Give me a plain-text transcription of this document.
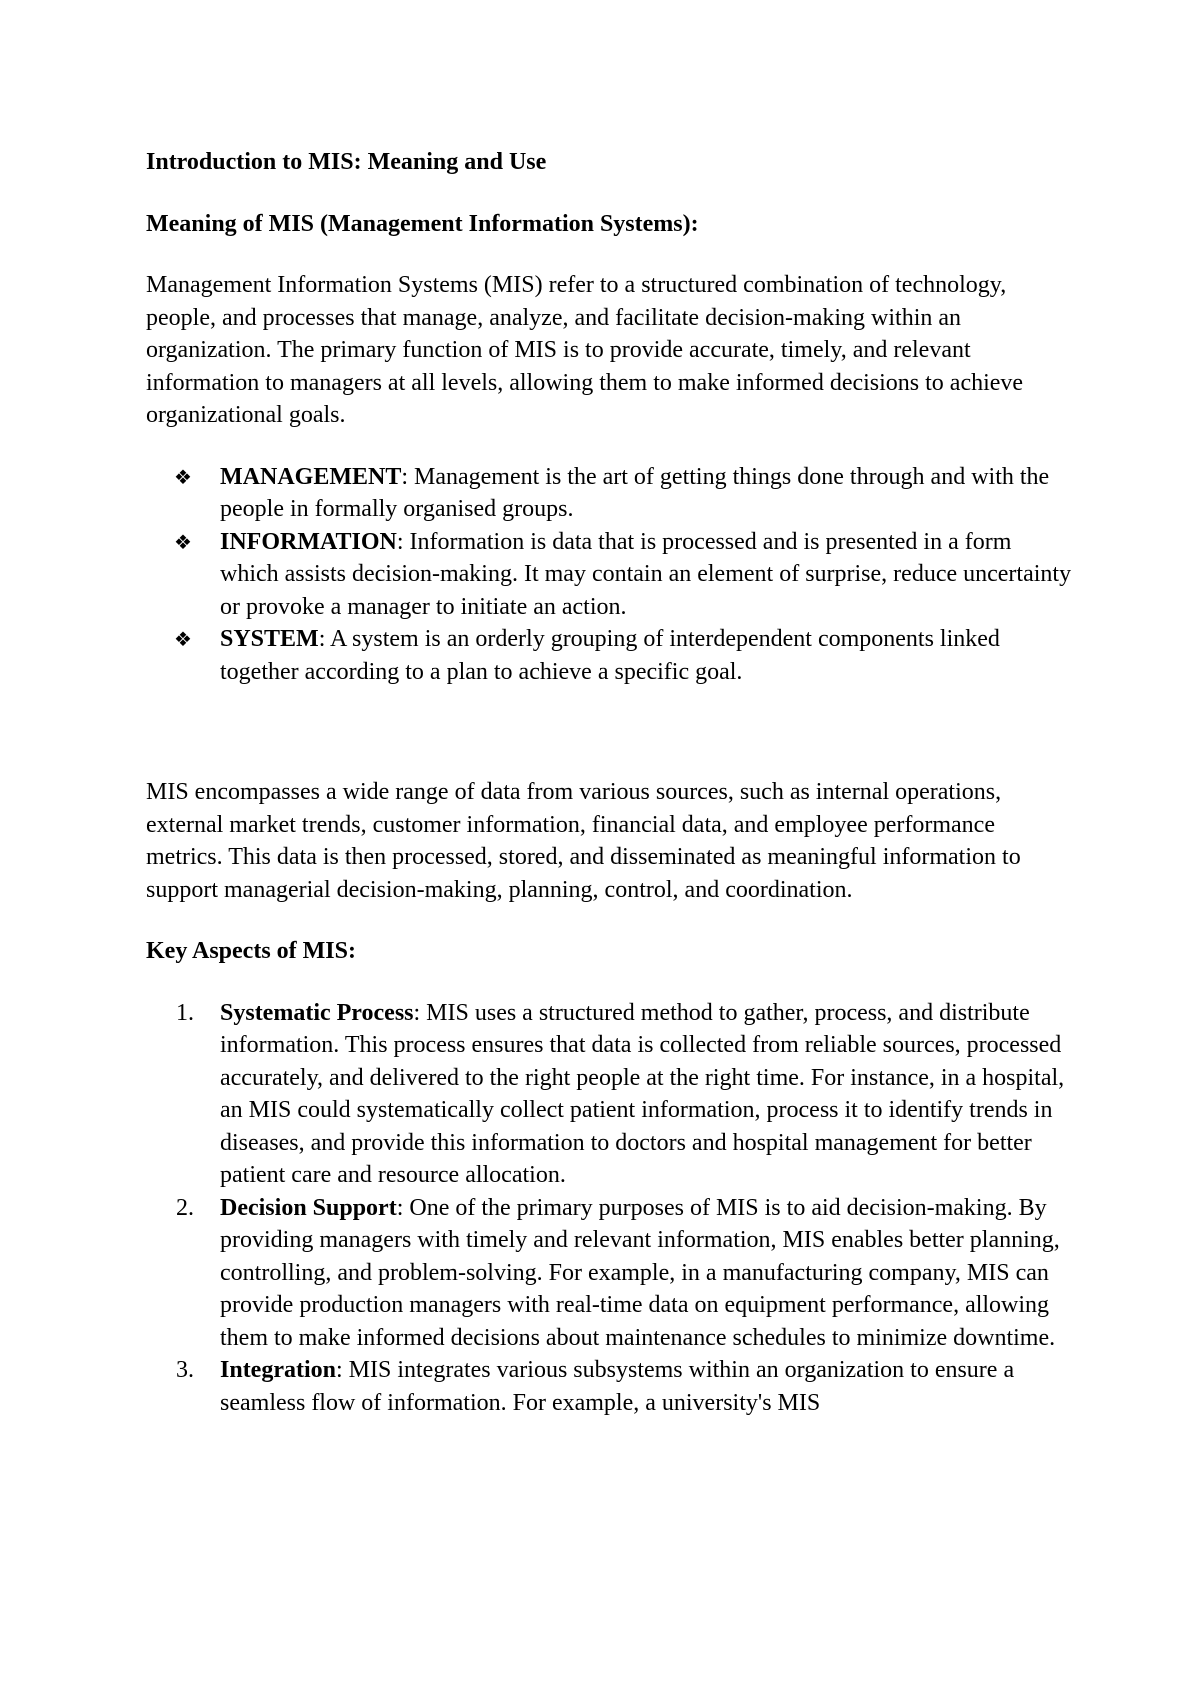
Introduction to MIS: Meaning and Use
Meaning of MIS (Management Information Systems):

Management Information Systems (MIS) refer to a structured combination of technology, people, and processes that manage, analyze, and facilitate decision-making within an organization. The primary function of MIS is to provide accurate, timely, and relevant information to managers at all levels, allowing them to make informed decisions to achieve organizational goals.

❖ MANAGEMENT: Management is the art of getting things done through and with the people in formally organised groups.
❖ INFORMATION: Information is data that is processed and is presented in a form which assists decision-making. It may contain an element of surprise, reduce uncertainty or provoke a manager to initiate an action.
❖ SYSTEM: A system is an orderly grouping of interdependent components linked together according to a plan to achieve a specific goal.

MIS encompasses a wide range of data from various sources, such as internal operations, external market trends, customer information, financial data, and employee performance metrics. This data is then processed, stored, and disseminated as meaningful information to support managerial decision-making, planning, control, and coordination.

Key Aspects of MIS:
1. Systematic Process: MIS uses a structured method to gather, process, and distribute information. This process ensures that data is collected from reliable sources, processed accurately, and delivered to the right people at the right time. For instance, in a hospital, an MIS could systematically collect patient information, process it to identify trends in diseases, and provide this information to doctors and hospital management for better patient care and resource allocation.
2. Decision Support: One of the primary purposes of MIS is to aid decision-making. By providing managers with timely and relevant information, MIS enables better planning, controlling, and problem-solving. For example, in a manufacturing company, MIS can provide production managers with real-time data on equipment performance, allowing them to make informed decisions about maintenance schedules to minimize downtime.
3. Integration: MIS integrates various subsystems within an organization to ensure a seamless flow of information. For example, a university's MIS
